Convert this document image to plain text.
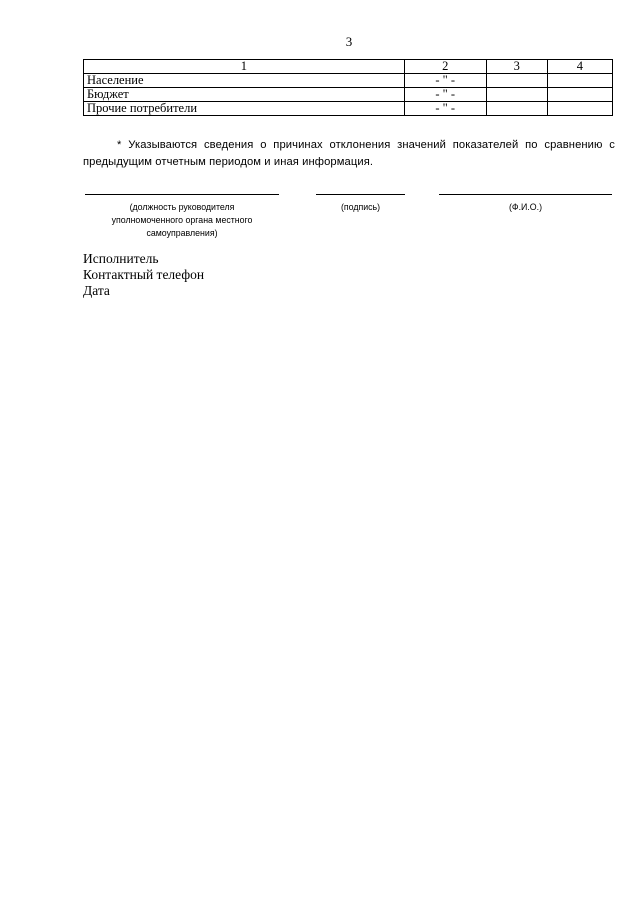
3
1	2	3	4
Население	- " -		
Бюджет	- " -		
Прочие потребители	- " -		
* Указываются сведения о причинах отклонения значений показателей по сравнению с предыдущим отчетным периодом и иная информация.
(должность руководителя
уполномоченного органа местного
самоуправления)
(подпись)	(Ф.И.О.)
Исполнитель
Контактный телефон
Дата
